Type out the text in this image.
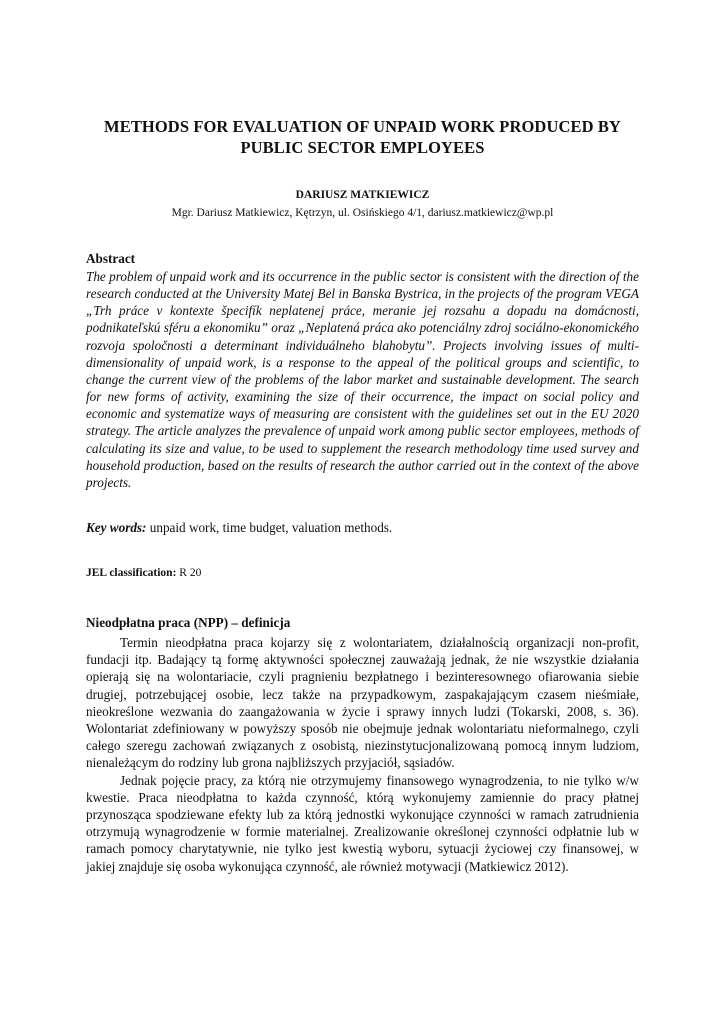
METHODS FOR EVALUATION OF UNPAID WORK PRODUCED BY PUBLIC SECTOR EMPLOYEES

DARIUSZ MATKIEWICZ

Mgr. Dariusz Matkiewicz, Kętrzyn, ul. Osińskiego 4/1, dariusz.matkiewicz@wp.pl

Abstract

The problem of unpaid work and its occurrence in the public sector is consistent with the direction of the research conducted at the University Matej Bel in Banska Bystrica, in the projects of the program VEGA „Trh práce v kontexte špecifík neplatenej práce, meranie jej rozsahu a dopadu na domácnosti, podnikateľskú sféru a ekonomiku” oraz „Neplatená práca ako potenciálny zdroj sociálno-ekonomického rozvoja spoločnosti a determinant individuálneho blahobytu”. Projects involving issues of multi-dimensionality of unpaid work, is a response to the appeal of the political groups and scientific, to change the current view of the problems of the labor market and sustainable development. The search for new forms of activity, examining the size of their occurrence, the impact on social policy and economic and systematize ways of measuring are consistent with the guidelines set out in the EU 2020 strategy. The article analyzes the prevalence of unpaid work among public sector employees, methods of calculating its size and value, to be used to supplement the research methodology time used survey and household production, based on the results of research the author carried out in the context of the above projects.

Key words: unpaid work, time budget, valuation methods.

JEL classification: R 20

Nieodpłatna praca (NPP) – definicja

Termin nieodpłatna praca kojarzy się z wolontariatem, działalnością organizacji non-profit, fundacji itp. Badający tą formę aktywności społecznej zauważają jednak, że nie wszystkie działania opierają się na wolontariacie, czyli pragnieniu bezpłatnego i bezinteresownego ofiarowania siebie drugiej, potrzebującej osobie, lecz także na przypadkowym, zaspakajającym czasem nieśmiałe, nieokreślone wezwania do zaangażowania w życie i sprawy innych ludzi (Tokarski, 2008, s. 36). Wolontariat zdefiniowany w powyższy sposób nie obejmuje jednak wolontariatu nieformalnego, czyli całego szeregu zachowań związanych z osobistą, niezinstytucjonalizowaną pomocą innym ludziom, nienależącym do rodziny lub grona najbliższych przyjaciół, sąsiadów.

Jednak pojęcie pracy, za którą nie otrzymujemy finansowego wynagrodzenia, to nie tylko w/w kwestie. Praca nieodpłatna to każda czynność, którą wykonujemy zamiennie do pracy płatnej przynosząca spodziewane efekty lub za którą jednostki wykonujące czynności w ramach zatrudnienia otrzymują wynagrodzenie w formie materialnej. Zrealizowanie określonej czynności odpłatnie lub w ramach pomocy charytatywnie, nie tylko jest kwestią wyboru, sytuacji życiowej czy finansowej, w jakiej znajduje się osoba wykonująca czynność, ale również motywacji (Matkiewicz 2012).
